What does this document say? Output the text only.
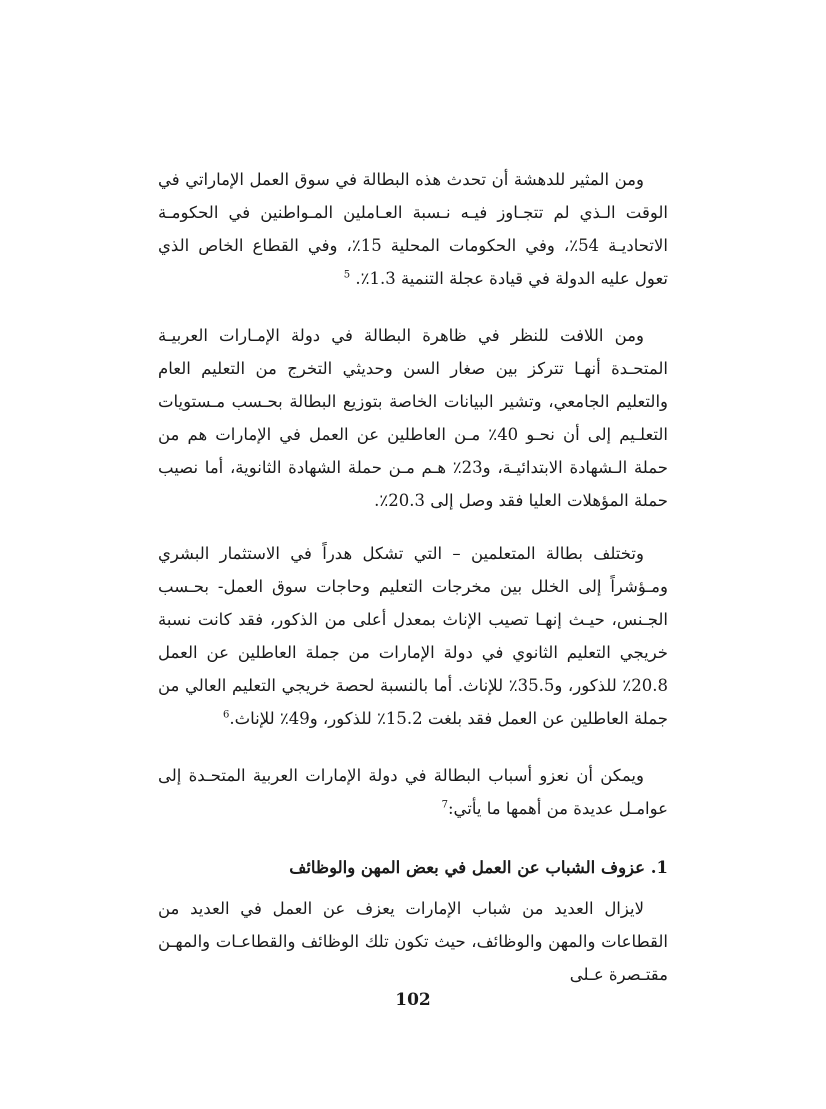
ومن المثير للدهشة أن تحدث هذه البطالة في سوق العمل الإماراتي في الوقت الـذي لم تتجـاوز فيـه نـسبة العـاملين المـواطنين في الحكومـة الاتحاديـة 54٪، وفي الحكومات المحلية 15٪، وفي القطاع الخاص الذي تعول عليه الدولة في قيادة عجلة التنمية 1.3٪. $^5$

ومن اللافت للنظر في ظاهرة البطالة في دولة الإمـارات العربيـة المتحـدة أنهـا تتركز بين صغار السن وحديثي التخرج من التعليم العام والتعليم الجامعي، وتشير البيانات الخاصة بتوزيع البطالة بحـسب مـستويات التعلـيم إلى أن نحـو 40٪ مـن العاطلين عن العمل في الإمارات هم من حملة الـشهادة الابتدائيـة، و23٪ هـم مـن حملة الشهادة الثانوية، أما نصيب حملة المؤهلات العليا فقد وصل إلى 20.3٪.

وتختلف بطالة المتعلمين – التي تشكل هدراً في الاستثمار البشري ومـؤشراً إلى الخلل بين مخرجات التعليم وحاجات سوق العمل- بحـسب الجـنس، حيـث إنهـا تصيب الإناث بمعدل أعلى من الذكور، فقد كانت نسبة خريجي التعليم الثانوي في دولة الإمارات من جملة العاطلين عن العمل 20.8٪ للذكور، و35.5٪ للإناث. أما بالنسبة لحصة خريجي التعليم العالي من جملة العاطلين عن العمل فقد بلغت 15.2٪ للذكور، و49٪ للإناث.$^6$

ويمكن أن نعزو أسباب البطالة في دولة الإمارات العربية المتحـدة إلى عوامـل عديدة من أهمها ما يأتي:$^7$

1. عزوف الشباب عن العمل في بعض المهن والوظائف

لايزال العديد من شباب الإمارات يعزف عن العمل في العديد من القطاعات والمهن والوظائف، حيث تكون تلك الوظائف والقطاعـات والمهـن مقتـصرة عـلى

102
